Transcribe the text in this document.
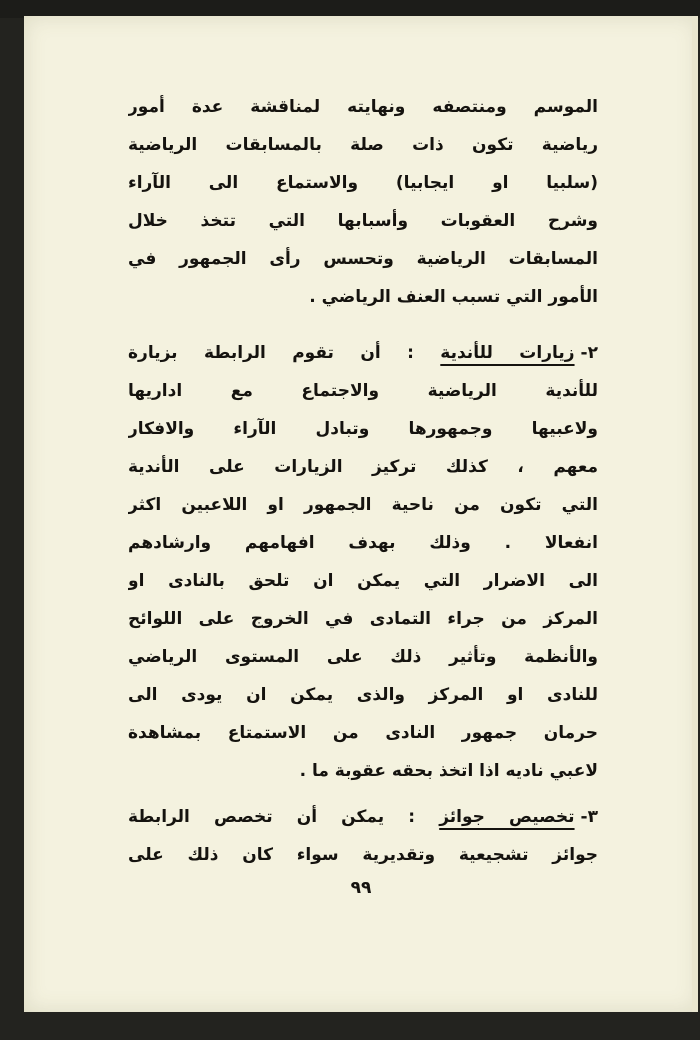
الموسم ومنتصفه ونهايته لمناقشة عدة أمور
رياضية تكون ذات صلة بالمسابقات الرياضية
(سلبيا او ايجابيا) والاستماع الى الآراء
وشرح العقوبات وأسبابها التي تتخذ خلال
المسابقات الرياضية وتحسس رأى الجمهور في
الأمور التي تسبب العنف الرياضي .
٢-زيارات للأندية : أن تقوم الرابطة بزيارة
للأندية الرياضية والاجتماع مع اداريها
ولاعبيها وجمهورها وتبادل الآراء والافكار
معهم ، كذلك تركيز الزيارات على الأندية
التي تكون من ناحية الجمهور او اللاعبين اكثر
انفعالا . وذلك بهدف افهامهم وارشادهم
الى الاضرار التي يمكن ان تلحق بالنادى او
المركز من جراء التمادى في الخروج على اللوائح
والأنظمة وتأثير ذلك على المستوى الرياضي
للنادى او المركز والذى يمكن ان يودى الى
حرمان جمهور النادى من الاستمتاع بمشاهدة
لاعبي ناديه اذا اتخذ بحقه عقوبة ما .
٣-تخصيص جوائز : يمكن أن تخصص الرابطة
جوائز تشجيعية وتقديرية سواء كان ذلك على
٩٩
